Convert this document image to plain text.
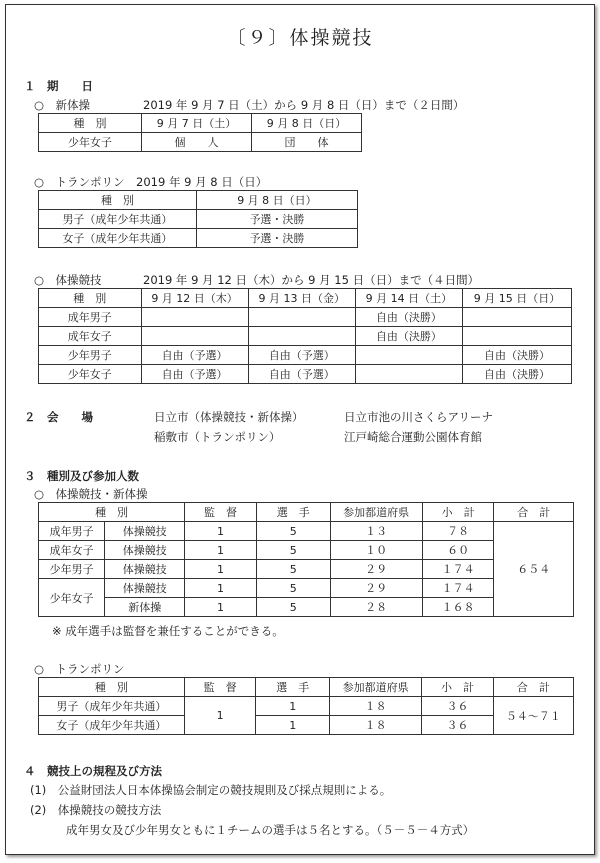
〔９〕体操競技
１　期　　日
○　新体操	2019 年 9 月 7 日（土）から 9 月 8 日（日）まで（２日間）
種　別	9 月 7 日（土）	9 月 8 日（日）
少年女子	個　　人	団　　体
○　トランポリン　2019 年 9 月 8 日（日）
種　別	9 月 8 日（日）
男子（成年少年共通）	予選・決勝
女子（成年少年共通）	予選・決勝
○　体操競技	2019 年 9 月 12 日（木）から 9 月 15 日（日）まで（４日間）
種　別	9 月 12 日（木）	9 月 13 日（金）	9 月 14 日（土）	9 月 15 日（日）
成年男子			自由（決勝）	
成年女子			自由（決勝）	
少年男子	自由（予選）	自由（予選）		自由（決勝）
少年女子	自由（予選）	自由（予選）		自由（決勝）
２　会　　場	日立市（体操競技・新体操）	日立市池の川さくらアリーナ
稲敷市（トランポリン）	江戸崎総合運動公園体育館
３　種別及び参加人数
○　体操競技・新体操
種　別		監　督	選　手	参加都道府県	小　計	合　計
成年男子	体操競技	1	5	１３	７８	６５４
成年女子	体操競技	1	5	１０	６０	
少年男子	体操競技	1	5	２９	１７４	
少年女子	体操競技	1	5	２９	１７４	
	新体操	1	5	２８	１６８	
※ 成年選手は監督を兼任することができる。
○　トランポリン
種　別	監　督	選　手	参加都道府県	小　計	合　計
男子（成年少年共通）	1	1	１８	３６	５４～７１
女子（成年少年共通）		1	１８	３６	
４　競技上の規程及び方法
(1)　公益財団法人日本体操協会制定の競技規則及び採点規則による。
(2)　体操競技の競技方法
成年男女及び少年男女ともに１チームの選手は５名とする。（５－５－４方式）
